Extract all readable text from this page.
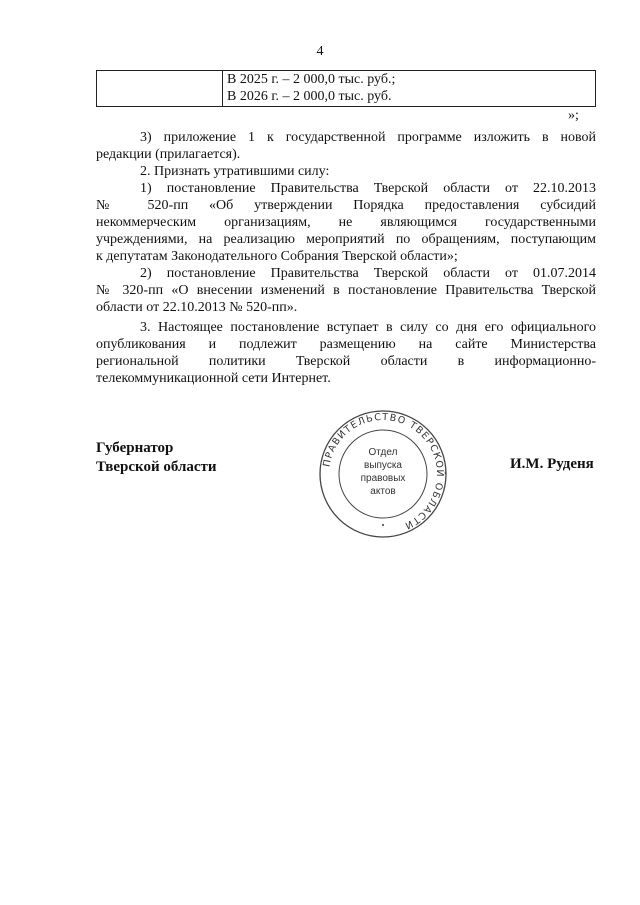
4

В 2025 г. – 2 000,0 тыс. руб.;
В 2026 г. – 2 000,0 тыс. руб.
»;
3) приложение 1 к государственной программе изложить в новой
редакции (прилагается).
2. Признать утратившими силу:
1) постановление Правительства Тверской области от 22.10.2013
№ 520-пп «Об утверждении Порядка предоставления субсидий
некоммерческим организациям, не являющимся государственными
учреждениями, на реализацию мероприятий по обращениям, поступающим
к депутатам Законодательного Собрания Тверской области»;
2) постановление Правительства Тверской области от 01.07.2014
№ 320-пп «О внесении изменений в постановление Правительства Тверской
области от 22.10.2013 № 520-пп».
3. Настоящее постановление вступает в силу со дня его официального
опубликования и подлежит размещению на сайте Министерства
региональной политики Тверской области в информационно-
телекоммуникационной сети Интернет.
Губернатор
Тверской области	ПРАВИТЕЛЬСТВО ТВЕРСКОЙ ОБЛАСТИ
•
Отдел
выпуска
правовых
актов
И.М. Руденя
